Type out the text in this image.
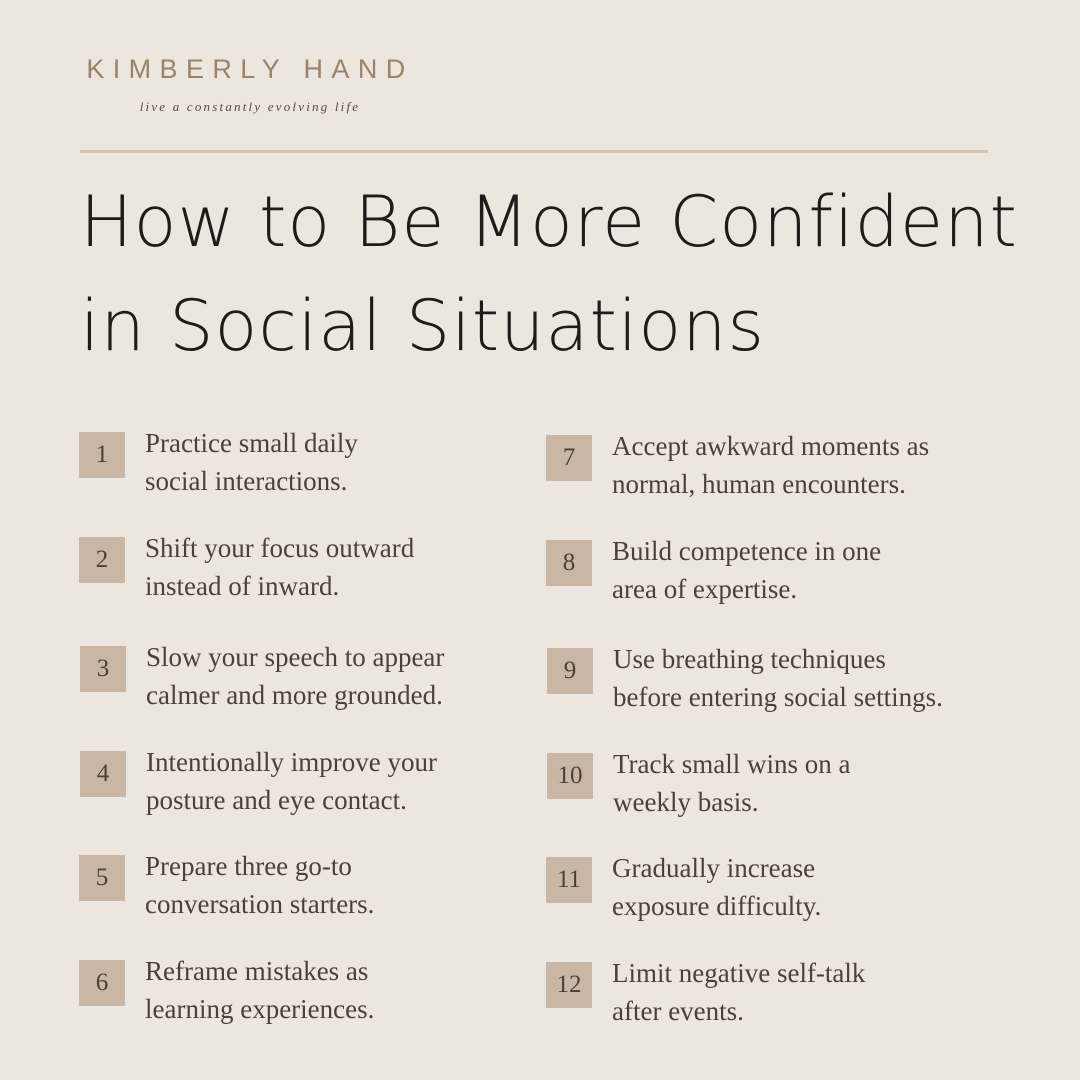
KIMBERLY HAND
live a constantly evolving life
How to Be More Confident
in Social Situations
1	Practice small daily
social interactions.
2	Shift your focus outward
instead of inward.
3	Slow your speech to appear
calmer and more grounded.
4	Intentionally improve your
posture and eye contact.
5	Prepare three go-to
conversation starters.
6	Reframe mistakes as
learning experiences.
7	Accept awkward moments as
normal, human encounters.
8	Build competence in one
area of expertise.
9	Use breathing techniques
before entering social settings.
10	Track small wins on a
weekly basis.
11	Gradually increase
exposure difficulty.
12	Limit negative self-talk
after events.
